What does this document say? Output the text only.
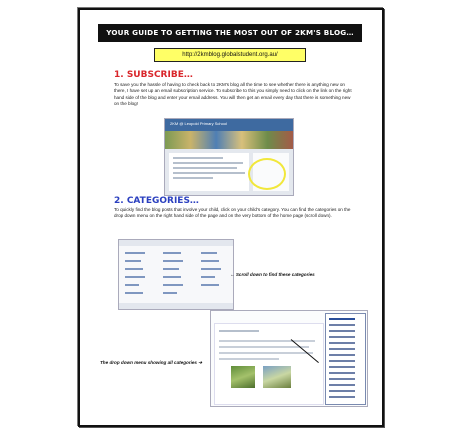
YOUR GUIDE TO GETTING THE MOST OUT OF 2KM'S BLOG…
http://2kmblog.globalstudent.org.au/
1. SUBSCRIBE…
To save you the hassle of having to check back to 2KM's blog all the time to see whether there is anything new on there, I have set up an email subscription service. To subscribe to this you simply need to click on the link on the right hand side of the blog and enter your email address. You will then get an email every day that there is something new on the blog!
2KM @ Leopold Primary School
2. CATEGORIES…
To quickly find the blog posts that involve your child, click on your child's category. You can find the categories on the drop down menu on the right hand side of the page and on the very bottom of the home page (scroll down).
← Scroll down to find these categories
The drop down menu showing all categories ➔
